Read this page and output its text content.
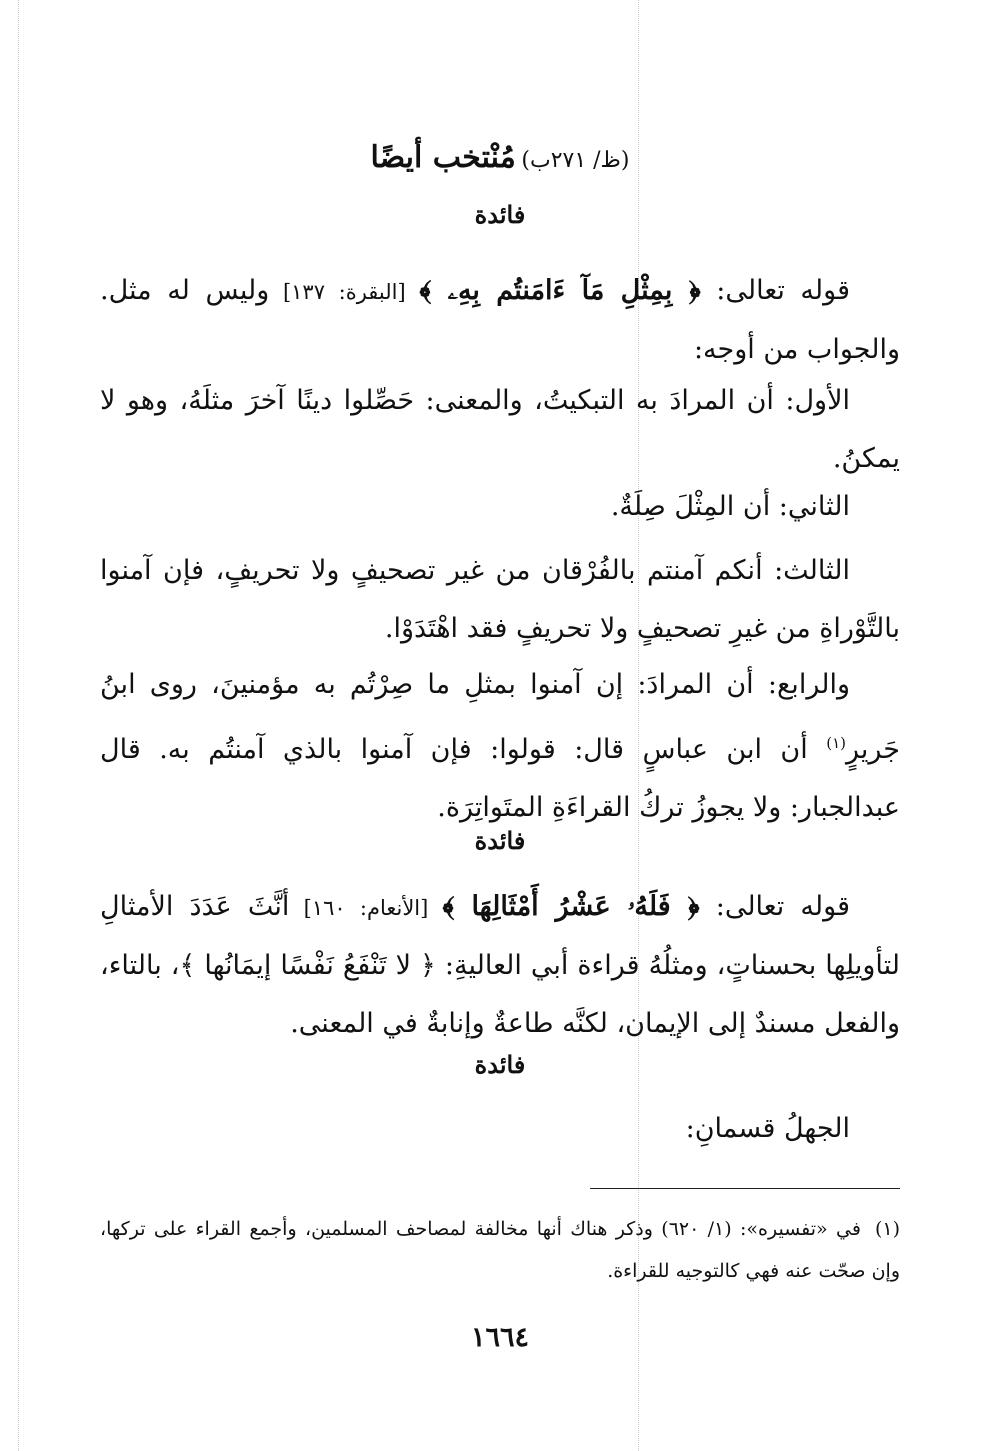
(ظ/ ٢٧١ب) مُنْتخب أيضًا
فائدة
قوله تعالى: ﴿ بِمِثْلِ مَآ ءَامَنتُم بِهِۦ ﴾ [البقرة: ١٣٧] وليس له مثل. والجواب من أوجه:
الأول: أن المرادَ به التبكيتُ، والمعنى: حَصِّلوا دينًا آخرَ مثلَهُ، وهو لا يمكنُ.
الثاني: أن المِثْلَ صِلَةٌ.
الثالث: أنكم آمنتم بالفُرْقان من غير تصحيفٍ ولا تحريفٍ، فإن آمنوا بالتَّوْراةِ من غيرِ تصحيفٍ ولا تحريفٍ فقد اهْتَدَوْا.
والرابع: أن المرادَ: إن آمنوا بمثلِ ما صِرْتُم به مؤمنينَ، روى ابنُ جَريرٍ$^{(١)}$ أن ابن عباسٍ قال: قولوا: فإن آمنوا بالذي آمنتُم به. قال عبدالجبار: ولا يجوزُ تركُ القراءَةِ المتَواتِرَة.
فائدة
قوله تعالى: ﴿ فَلَهُۥ عَشْرُ أَمْثَالِهَا ﴾ [الأنعام: ١٦٠] أنَّثَ عَدَدَ الأمثالِ لتأويلِها بحسناتٍ، ومثلُهُ قراءة أبي العاليةِ: ﴿ لا تَنْفَعُ نَفْسًا إيمَانُها ﴾، بالتاء، والفعل مسندٌ إلى الإيمان، لكنَّه طاعةٌ وإنابةٌ في المعنى.
فائدة
الجهلُ قسمانِ:
(١)في «تفسيره»: (١/ ٦٢٠) وذكر هناك أنها مخالفة لمصاحف المسلمين، وأجمع القراء على تركها، وإن صحّت عنه فهي كالتوجيه للقراءة.
١٦٦٤
